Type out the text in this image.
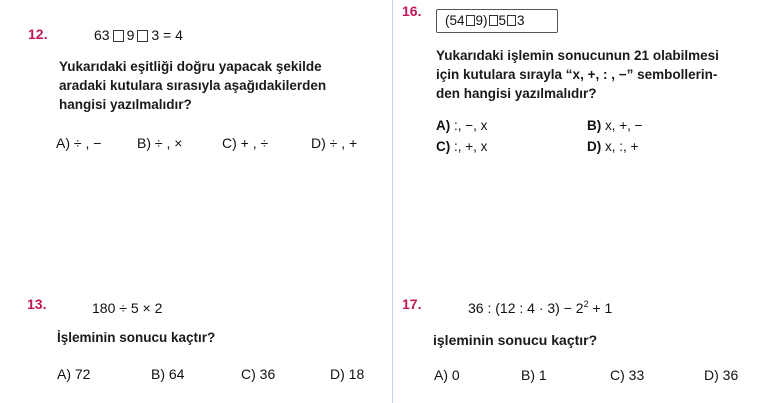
12.	63 9 3 = 4
Yukarıdaki eşitliği doğru yapacak şekilde
aradaki kutulara sırasıyla aşağıdakilerden
hangisi yazılmalıdır?
A) ÷ , −	B) ÷ , ×	C) + , ÷	D) ÷ , +
13.	180 ÷ 5 × 2
İşleminin sonucu kaçtır?
A) 72	B) 64	C) 36	D) 18
16.
(54 9) 5 3
Yukarıdaki işlemin sonucunun 21 olabilmesi
için kutulara sırayla “x, +, : , −” sembollerin-
den hangisi yazılmalıdır?
A) :, −, x	B) x, +, −
C) :, +, x	D) x, :, +
17.	36 : (12 : $4 \cdot 3) - 2^2 + 1$
işleminin sonucu kaçtır?
A) 0	B) 1	C) 33	D) 36
